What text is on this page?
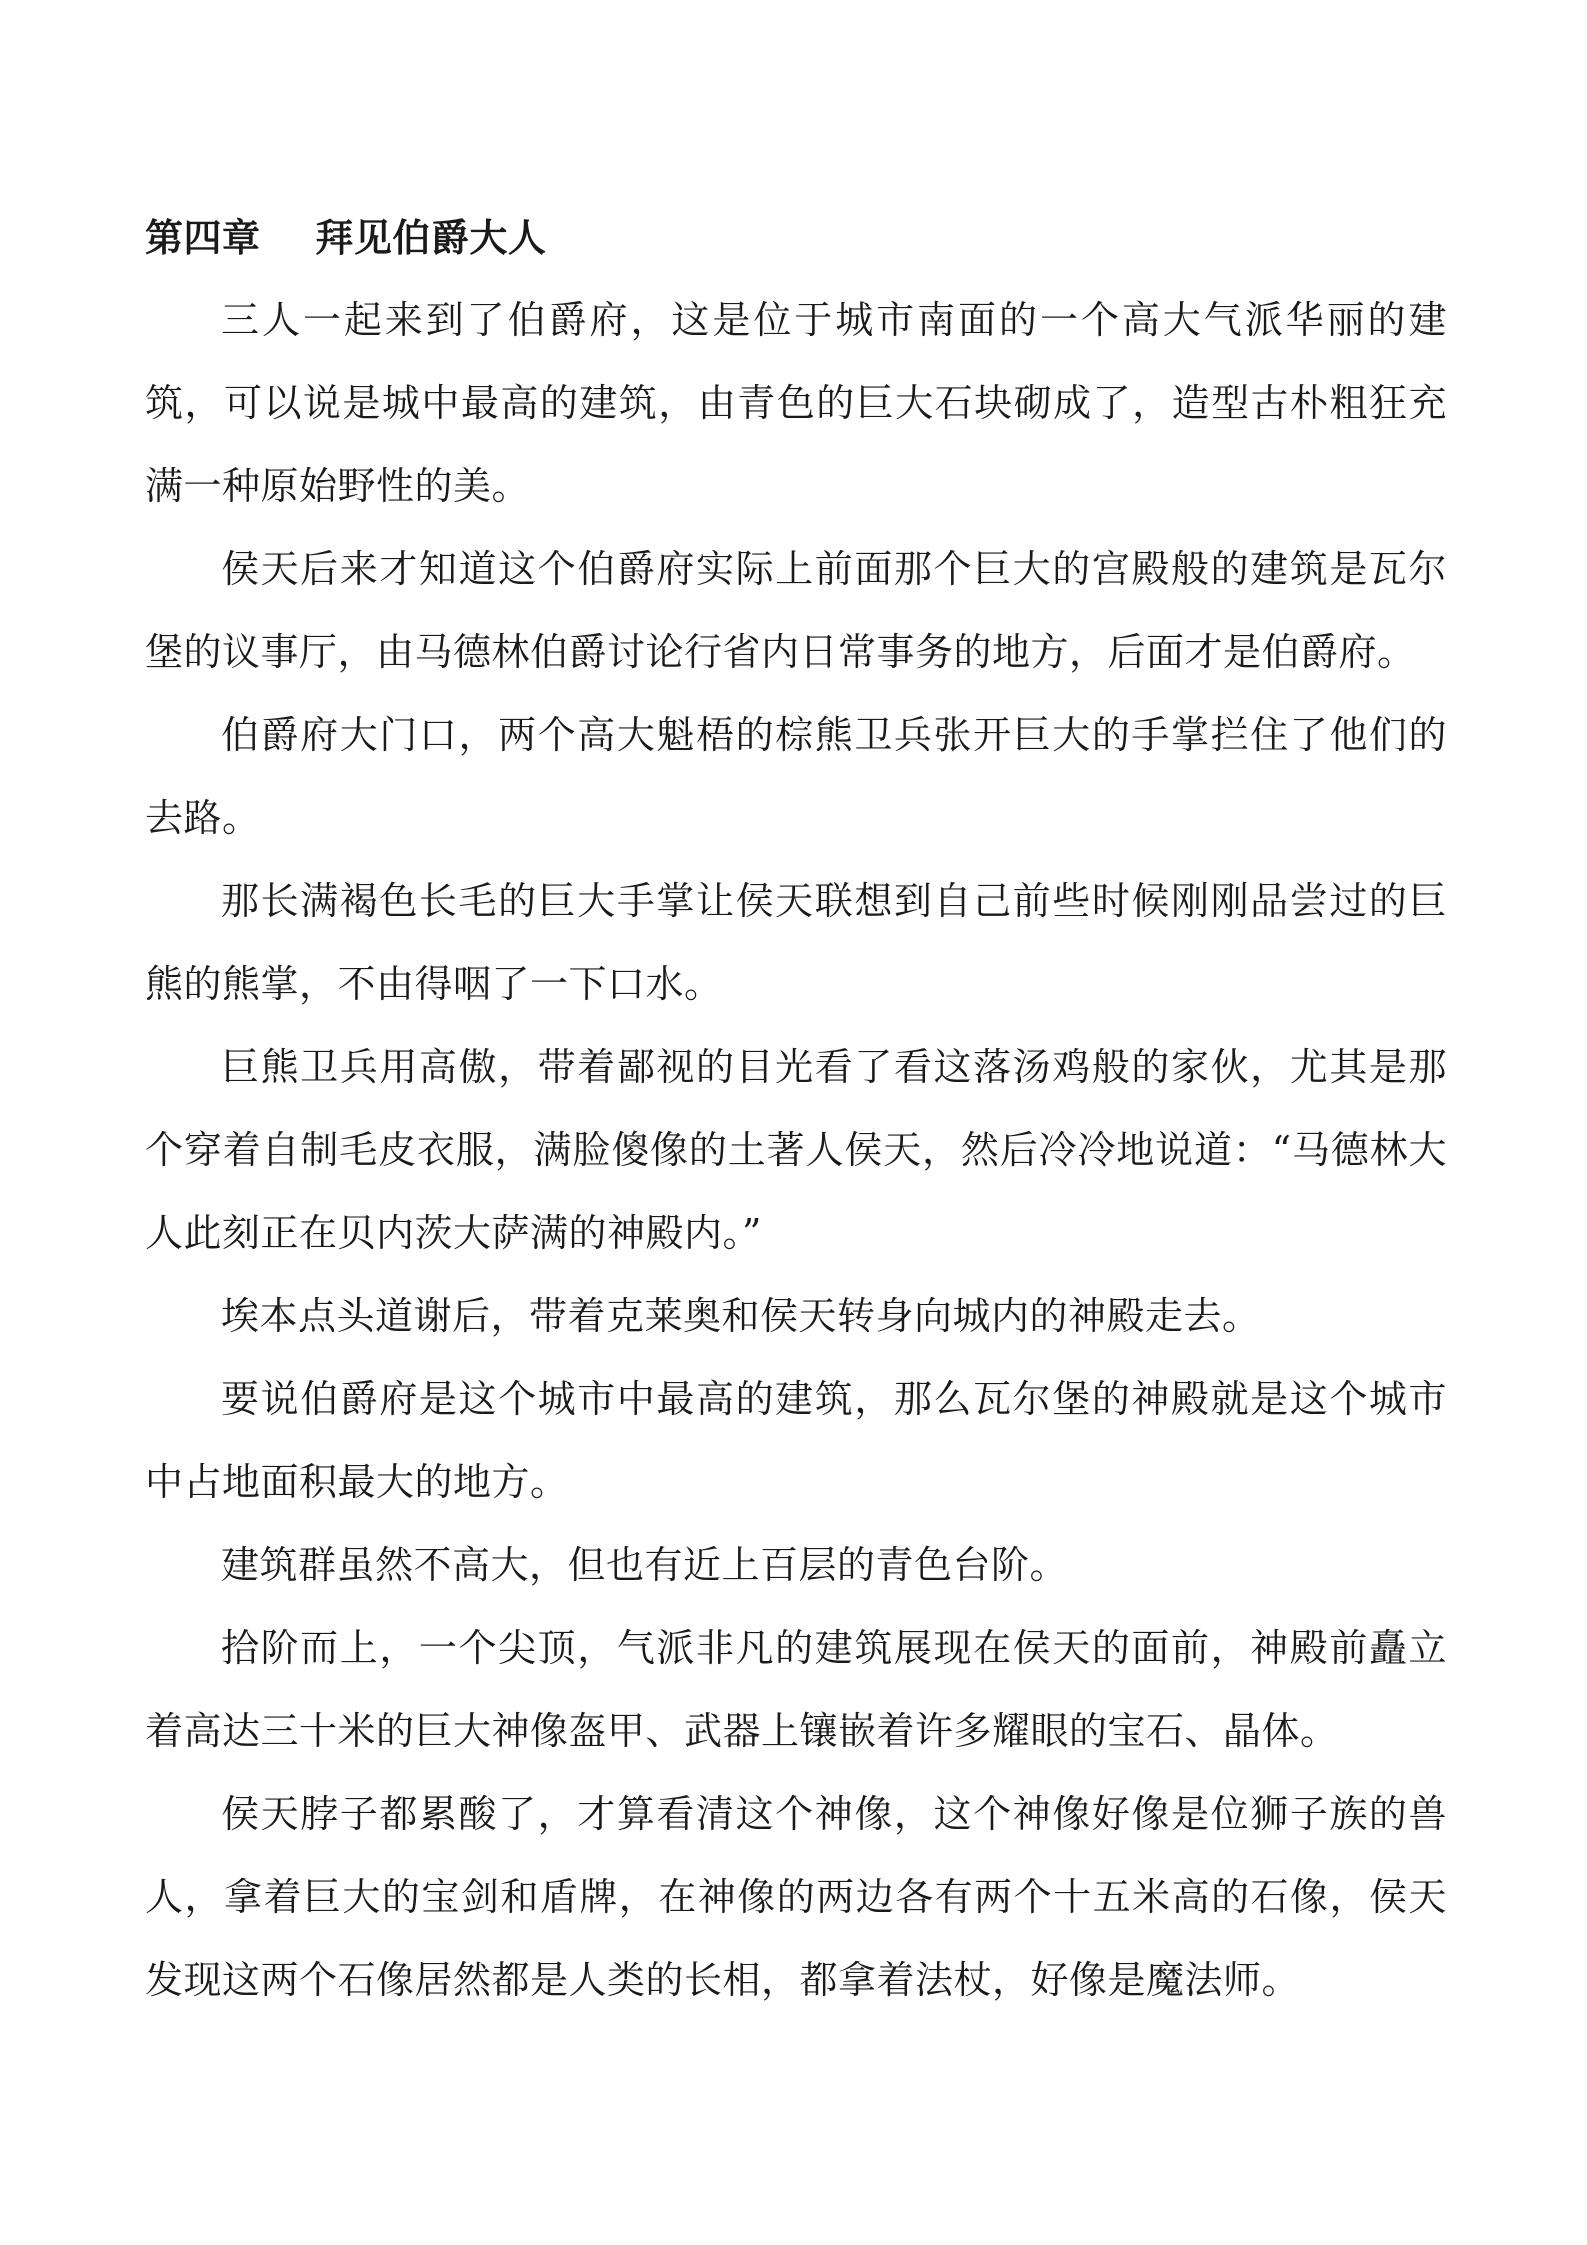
第四章    拜见伯爵大人

三人一起来到了伯爵府，这是位于城市南面的一个高大气派华丽的建筑，可以说是城中最高的建筑，由青色的巨大石块砌成了，造型古朴粗狂充满一种原始野性的美。

侯天后来才知道这个伯爵府实际上前面那个巨大的宫殿般的建筑是瓦尔堡的议事厅，由马德林伯爵讨论行省内日常事务的地方，后面才是伯爵府。

伯爵府大门口，两个高大魁梧的棕熊卫兵张开巨大的手掌拦住了他们的去路。

那长满褐色长毛的巨大手掌让侯天联想到自己前些时候刚刚品尝过的巨熊的熊掌，不由得咽了一下口水。

巨熊卫兵用高傲，带着鄙视的目光看了看这落汤鸡般的家伙，尤其是那个穿着自制毛皮衣服，满脸傻像的土著人侯天，然后冷冷地说道：“马德林大人此刻正在贝内茨大萨满的神殿内。”

埃本点头道谢后，带着克莱奥和侯天转身向城内的神殿走去。

要说伯爵府是这个城市中最高的建筑，那么瓦尔堡的神殿就是这个城市中占地面积最大的地方。

建筑群虽然不高大，但也有近上百层的青色台阶。

拾阶而上，一个尖顶，气派非凡的建筑展现在侯天的面前，神殿前矗立着高达三十米的巨大神像盔甲、武器上镶嵌着许多耀眼的宝石、晶体。

侯天脖子都累酸了，才算看清这个神像，这个神像好像是位狮子族的兽人，拿着巨大的宝剑和盾牌，在神像的两边各有两个十五米高的石像，侯天发现这两个石像居然都是人类的长相，都拿着法杖，好像是魔法师。
